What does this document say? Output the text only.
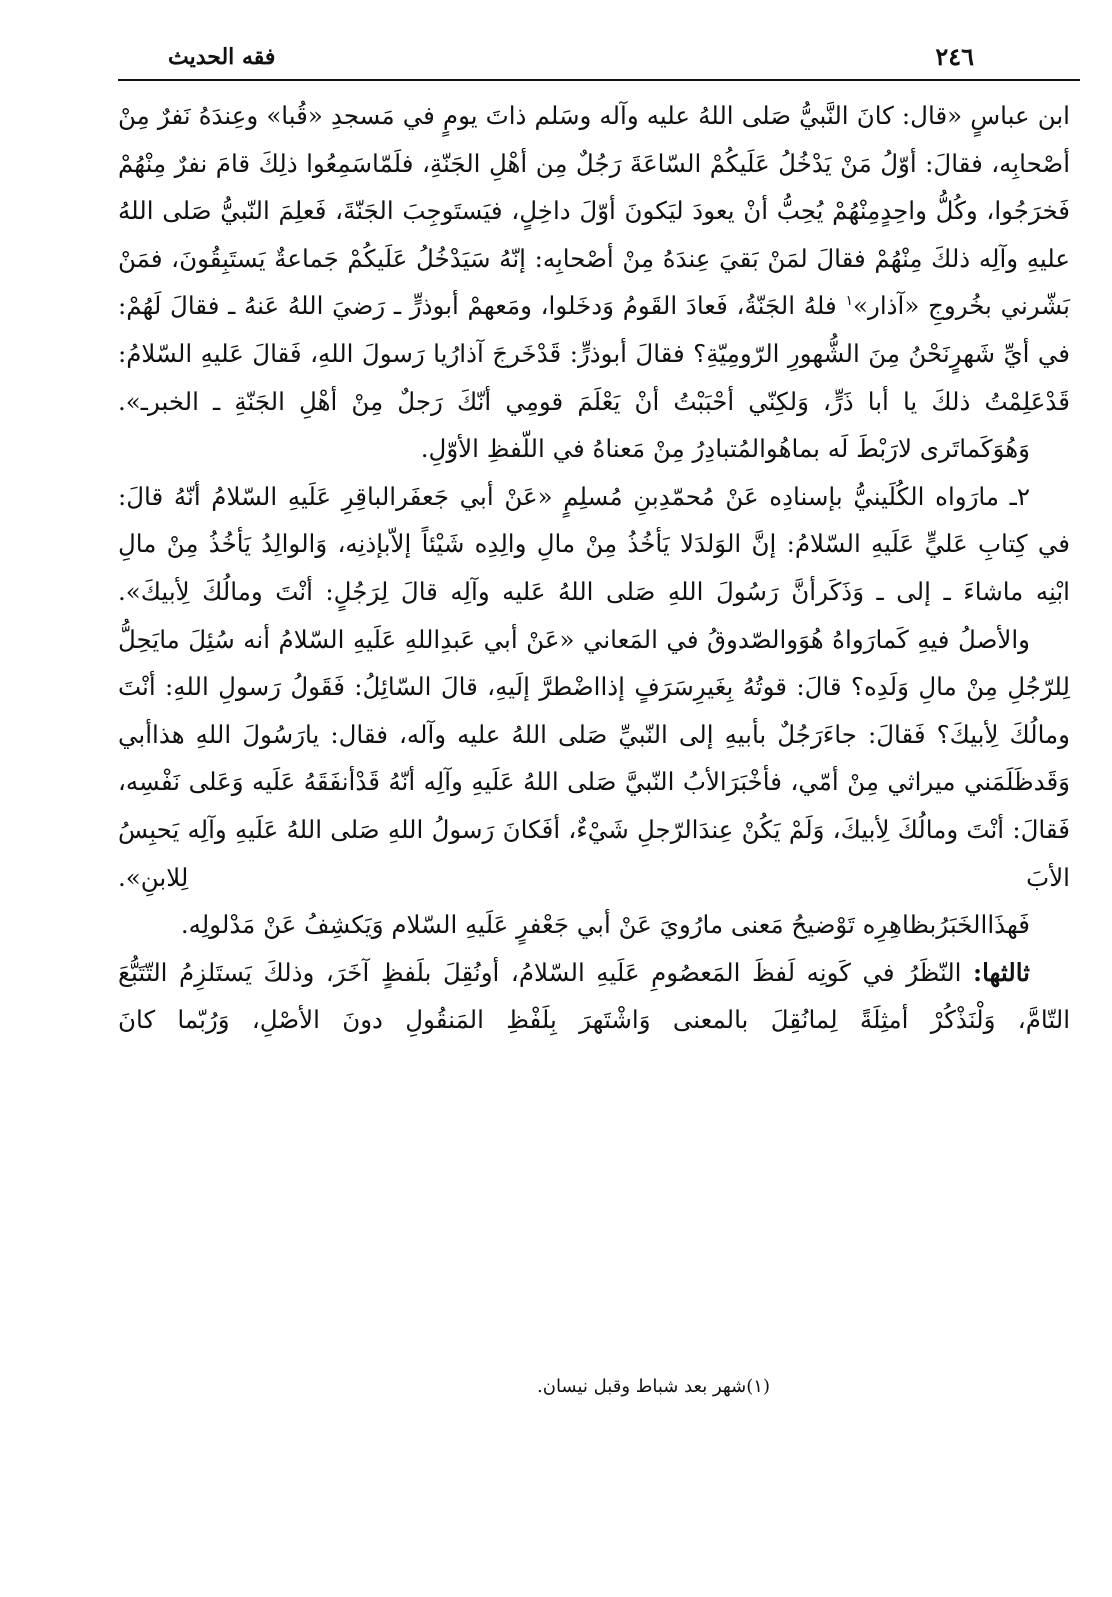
فقه الحديث	٢٤٦

ابن عباسٍ «قال: كانَ النَّبيُّ صَلى اللهُ عليه وآله وسَلم ذاتَ يومٍ في مَسجدِ «قُبا» وعِندَهُ نَفرٌ مِنْ أصْحابِه، فقالَ: أوّلُ مَنْ يَدْخُلُ عَلَيكُمْ السّاعَةَ رَجُلٌ مِن أهْلِ الجَنّةِ، فلَمّاسَمِعُوا ذلِكَ قامَ نفرٌ مِنْهُمْ فَخرَجُوا، وكُلُّ واحِدٍمِنْهُمْ يُحِبُّ أنْ يعودَ ليَكونَ أوّلَ داخِلٍ، فيَستَوجِبَ الجَنّةَ، فَعلِمَ النّبيُّ صَلى اللهُ عليهِ وآلِه ذلكَ مِنْهُمْ فقالَ لمَنْ بَقيَ عِندَهُ مِنْ أصْحابِه: إنّهُ سَيَدْخُلُ عَلَيكُمْ جَماعةٌ يَستَبِقُونَ، فمَنْ بَشّرني بخُروجِ «آذار»$^١$ فلهُ الجَنّةُ، فَعادَ القَومُ وَدخَلوا، ومَعهمْ أبوذرٍّ ـ رَضيَ اللهُ عَنهُ ـ فقالَ لَهُمْ: في أيِّ شَهرٍنَحْنُ مِنَ الشُّهورِ الرّومِيّةِ؟ فقالَ أبوذرٍّ: قَدْخَرجَ آذارُيا رَسولَ اللهِ، فَقالَ عَليهِ السّلامُ: قَدْعَلِمْتُ ذلكَ يا أبا ذَرٍّ، وَلكِنّي أحْبَبْتُ أنْ يَعْلَمَ قومِي أنّكَ رَجلٌ مِنْ أهْلِ الجَنّةِ ـ الخبرـ».

وَهُوَكَماتَرى لارَبْطَ لَه بماهُوالمُتبادِرُ مِنْ مَعناهُ في اللّفظِ الأوّلِ.

٢ـ مارَواه الكُلَينيُّ بإسنادِه عَنْ مُحمّدِبنِ مُسلِمٍ «عَنْ أبي جَعفَرالباقِرِ عَلَيهِ السّلامُ أنّهُ قالَ: في كِتابِ عَليٍّ عَلَيهِ السّلامُ: إنَّ الوَلدَلا يَأخُذُ مِنْ مالِ والِدِه شَيْئاً إلاّبإذنِه، وَالوالِدُ يَأخُذُ مِنْ مالِ ابْنِه ماشاءَ ـ إلى ـ وَذَكَرأنَّ رَسُولَ اللهِ صَلى اللهُ عَليه وآلِه قالَ لِرَجُلٍ: أنْتَ ومالُكَ لِأبيكَ».

والأصلُ فيهِ كَمارَواهُ هُوَوالصّدوقُ في المَعاني «عَنْ أبي عَبدِاللهِ عَلَيهِ السّلامُ أنه سُئِلَ مايَحِلُّ لِلرّجُلِ مِنْ مالِ وَلَدِه؟ قالَ: قوتُهُ بِغَيرِسَرَفٍ إذااضْطرَّ إلَيهِ، قالَ السّائِلُ: فَقَولُ رَسولِ اللهِ: أنْتَ ومالُكَ لِأبيكَ؟ فَقالَ: جاءَرَجُلٌ بأبيهِ إلى النّبيِّ صَلى اللهُ عليه وآله، فقال: يارَسُولَ اللهِ هذاأبي وَقَدظَلَمَني ميراثي مِنْ أمّي، فأخْبَرَالأبُ النّبيَّ صَلى اللهُ عَلَيهِ وآلِه أنّهُ قَدْأنفَقَهُ عَلَيه وَعَلى نَفْسِه، فَقالَ: أنْتَ ومالُكَ لِأبيكَ، وَلَمْ يَكُنْ عِندَالرّجلِ شَيْءٌ، أفَكانَ رَسولُ اللهِ صَلى اللهُ عَلَيهِ وآلِه يَحبِسُ الأبَ لِلابنِ».

فَهذَاالخَبَرُبظاهِرِه تَوْضيحُ مَعنى مارُويَ عَنْ أبي جَعْفرٍ عَلَيهِ السّلام وَيَكشِفُ عَنْ مَدْلولِه.

ثالثها: النّظَرُ في كَونِه لَفظَ المَعصُومِ عَلَيهِ السّلامُ، أونُقِلَ بلَفظٍ آخَرَ، وذلكَ يَستَلزِمُ التّتَبُّعَ التّامَّ، وَلْنَذْكُرْ أمثِلَةً لِمانُقِلَ بالمعنى وَاشْتَهرَ بِلَفْظِ المَنقُولِ دونَ الأصْلِ، وَرُبّما كانَ

(١)شهر بعد شباط وقبل نيسان.
